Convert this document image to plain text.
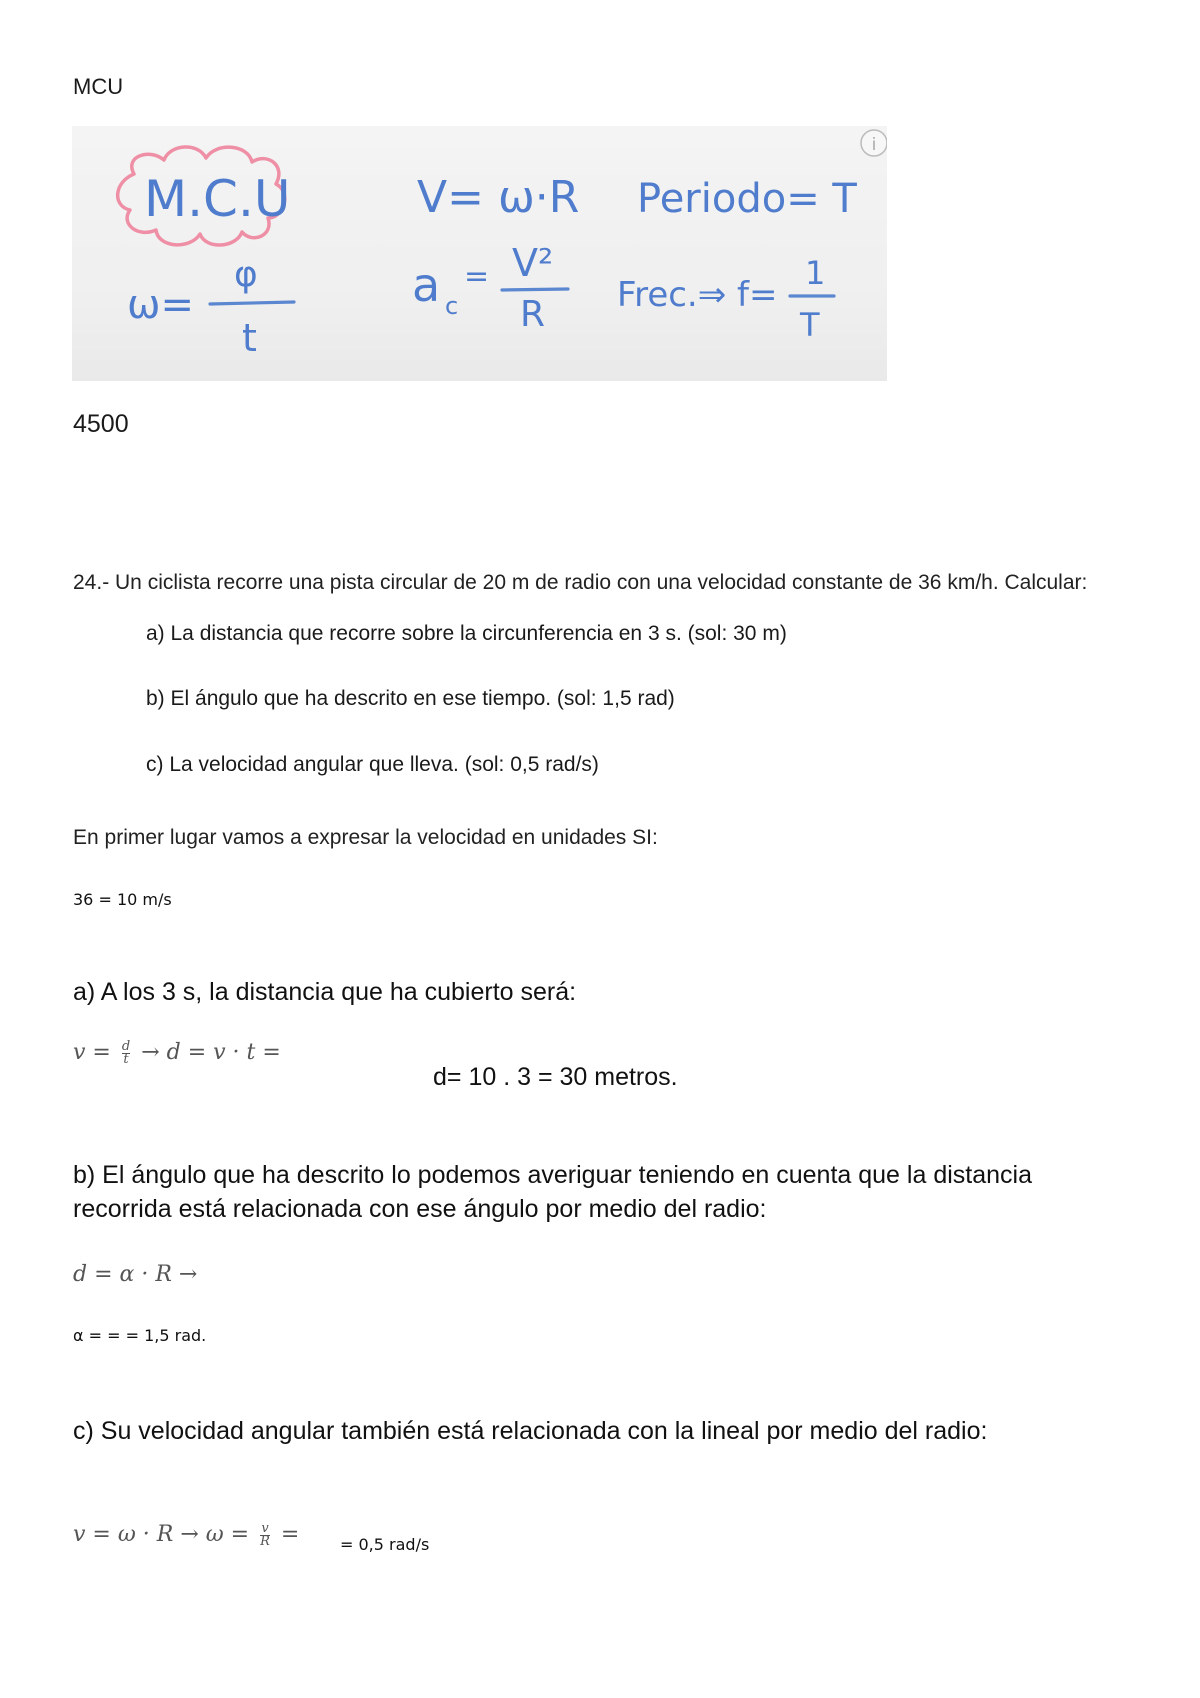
MCU
M.C.U
ω=
φ
t
V= ω·R
a c
= V²
R
Periodo= T
Frec.⇒ f=
1
T
i
4500
24.- Un ciclista recorre una pista circular de 20 m de radio con una velocidad constante de 36 km/h. Calcular:
a) La distancia que recorre sobre la circunferencia en 3 s. (sol: 30 m)
b) El ángulo que ha descrito en ese tiempo. (sol: 1,5 rad)
c) La velocidad angular que lleva. (sol: 0,5 rad/s)
En primer lugar vamos a expresar la velocidad en unidades SI:
36 = 10 m/s
a) A los 3 s, la distancia que ha cubierto será:
$v = \frac{d}{t} \to d = v \cdot t$ =
d= 10 . 3 = 30 metros.
b) El ángulo que ha descrito lo podemos averiguar teniendo en cuenta que la distancia
recorrida está relacionada con ese ángulo por medio del radio:
d = α · R →
α = = = 1,5 rad.
c) Su velocidad angular también está relacionada con la lineal por medio del radio:
$v = \omega \cdot R \to \omega = \frac{v}{R}$ =	= 0,5 rad/s
